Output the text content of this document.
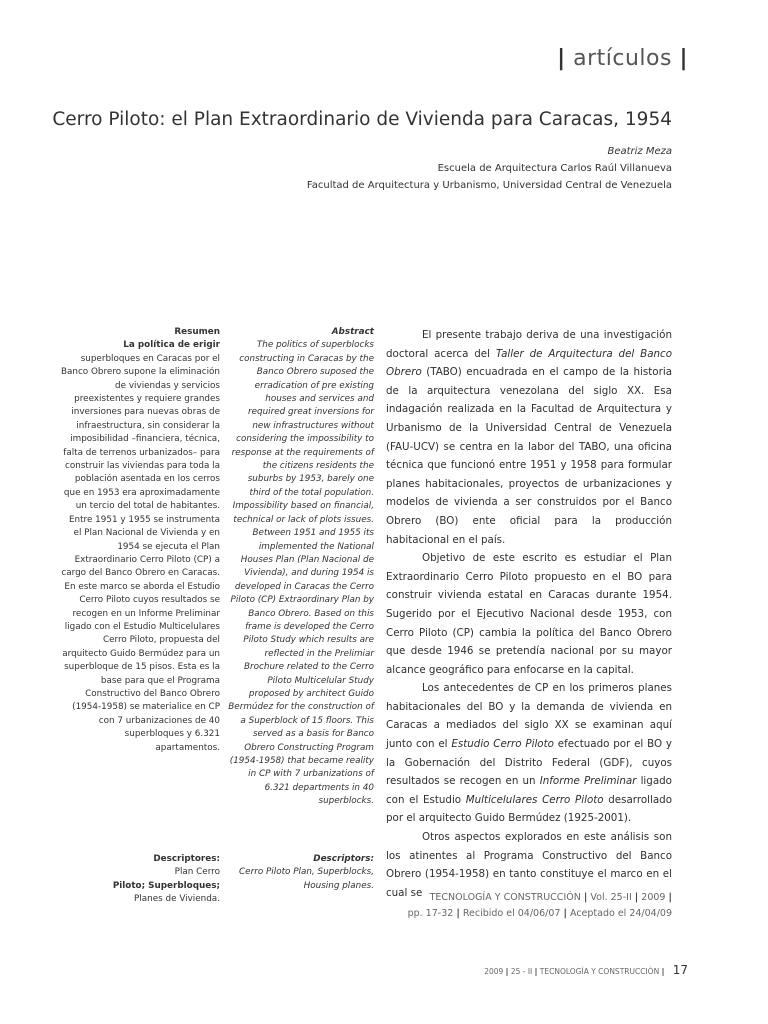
| artículos |
Cerro Piloto: el Plan Extraordinario de Vivienda para Caracas, 1954
Beatriz Meza
Escuela de Arquitectura Carlos Raúl Villanueva
Facultad de Arquitectura y Urbanismo, Universidad Central de Venezuela

Resumen

La política de erigir

superbloques en Caracas por el Banco Obrero supone la eliminación de viviendas y servicios preexistentes y requiere grandes inversiones para nuevas obras de infraestructura, sin considerar la imposibilidad –financiera, técnica, falta de terrenos urbanizados– para construir las viviendas para toda la población asentada en los cerros que en 1953 era aproximadamente un tercio del total de habitantes. Entre 1951 y 1955 se instrumenta el Plan Nacional de Vivienda y en 1954 se ejecuta el Plan Extraordinario Cerro Piloto (CP) a cargo del Banco Obrero en Caracas. En este marco se aborda el Estudio Cerro Piloto cuyos resultados se recogen en un Informe Preliminar ligado con el Estudio Multicelulares Cerro Piloto, propuesta del arquitecto Guido Bermúdez para un superbloque de 15 pisos. Esta es la base para que el Programa Constructivo del Banco Obrero (1954-1958) se materialice en CP con 7 urbanizaciones de 40 superbloques y 6.321 apartamentos.

Abstract

The politics of superblocks constructing in Caracas by the Banco Obrero suposed the erradication of pre existing houses and services and required great inversions for new infrastructures without considering the impossibility to response at the requirements of the citizens residents the suburbs by 1953, barely one third of the total population. Impossibility based on financial, technical or lack of plots issues. Between 1951 and 1955 its implemented the National Houses Plan (Plan Nacional de Vivienda), and during 1954 is developed in Caracas the Cerro Piloto (CP) Extraordinary Plan by Banco Obrero. Based on this frame is developed the Cerro Piloto Study which results are reflected in the Prelimiar Brochure related to the Cerro Piloto Multicelular Study proposed by architect Guido Bermúdez for the construction of a Superblock of 15 floors. This served as a basis for Banco Obrero Constructing Program (1954-1958) that became reality in CP with 7 urbanizations of 6.321 departments in 40 superblocks.

Descriptores:

Plan Cerro

Piloto; Superbloques;

Planes de Vivienda.

Descriptors:

Cerro Piloto Plan, Superblocks,

Housing planes.

El presente trabajo deriva de una investigación doctoral acerca del Taller de Arquitectura del Banco Obrero (TABO) encuadrada en el campo de la historia de la arquitectura venezolana del siglo XX. Esa indagación realizada en la Facultad de Arquitectura y Urbanismo de la Universidad Central de Venezuela (FAU-UCV) se centra en la labor del TABO, una oficina técnica que funcionó entre 1951 y 1958 para formular planes habitacionales, proyectos de urbanizaciones y modelos de vivienda a ser construidos por el Banco Obrero (BO) ente oficial para la producción habitacional en el país.

Objetivo de este escrito es estudiar el Plan Extraordinario Cerro Piloto propuesto en el BO para construir vivienda estatal en Caracas durante 1954. Sugerido por el Ejecutivo Nacional desde 1953, con Cerro Piloto (CP) cambia la política del Banco Obrero que desde 1946 se pretendía nacional por su mayor alcance geográfico para enfocarse en la capital.

Los antecedentes de CP en los primeros planes habitacionales del BO y la demanda de vivienda en Caracas a mediados del siglo XX se examinan aquí junto con el Estudio Cerro Piloto efectuado por el BO y la Gobernación del Distrito Federal (GDF), cuyos resultados se recogen en un Informe Preliminar ligado con el Estudio Multicelulares Cerro Piloto desarrollado por el arquitecto Guido Bermúdez (1925-2001).

Otros aspectos explorados en este análisis son los atinentes al Programa Constructivo del Banco Obrero (1954-1958) en tanto constituye el marco en el cual se TECNOLOGÍA Y CONSTRUCCIÓN | Vol. 25-II | 2009 |
pp. 17-32 | Recibido el 04/06/07 | Aceptado el 24/04/09
2009 | 25 - II | TECNOLOGÍA Y CONSTRUCCIÓN | 17
